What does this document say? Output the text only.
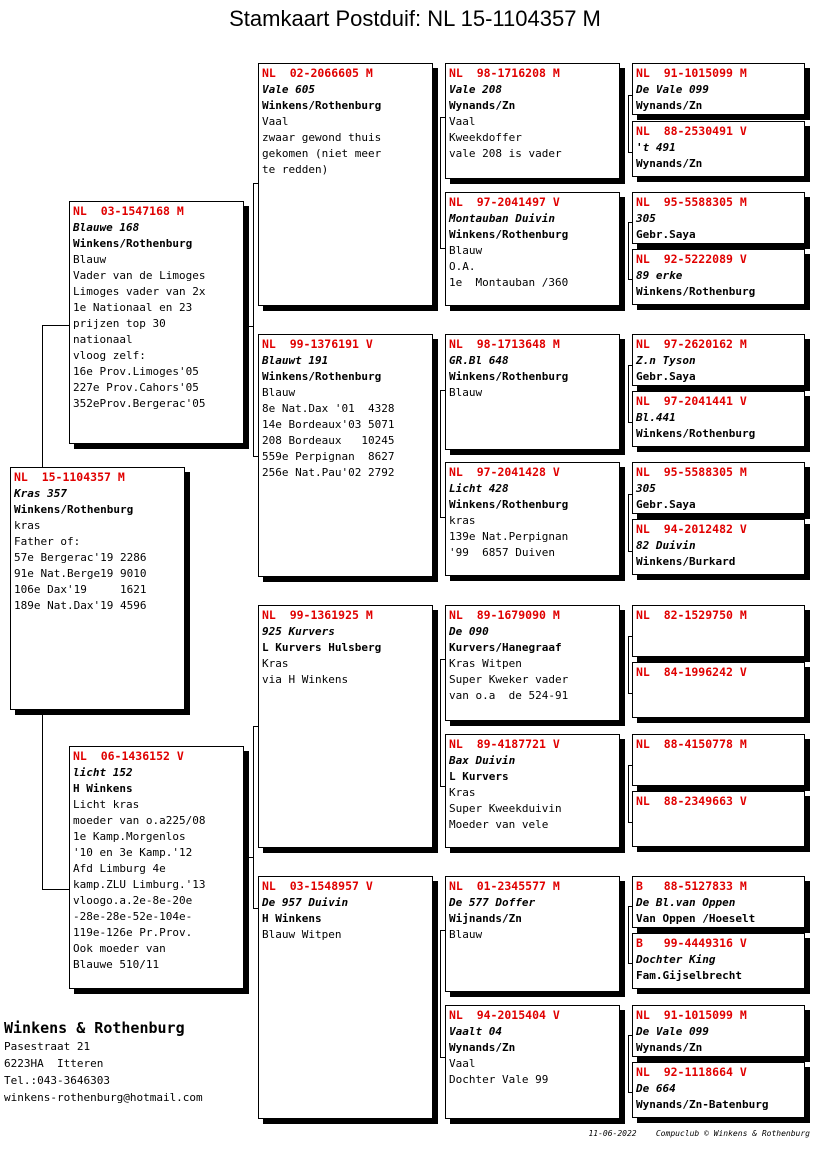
Stamkaart Postduif: NL 15-1104357 M
NL  15-1104357 M
Kras 357
Winkens/Rothenburg
kras
Father of:
57e Bergerac'19 2286
91e Nat.Berge19 9010
106e Dax'19     1621
189e Nat.Dax'19 4596
NL  03-1547168 M
Blauwe 168
Winkens/Rothenburg
Blauw
Vader van de Limoges
Limoges vader van 2x
1e Nationaal en 23
prijzen top 30
nationaal
vloog zelf:
16e Prov.Limoges'05
227e Prov.Cahors'05
352eProv.Bergerac'05
NL  06-1436152 V
licht 152
H Winkens
Licht kras
moeder van o.a225/08
1e Kamp.Morgenlos
'10 en 3e Kamp.'12
Afd Limburg 4e
kamp.ZLU Limburg.'13
vloogo.a.2e-8e-20e
-28e-28e-52e-104e-
119e-126e Pr.Prov.
Ook moeder van
Blauwe 510/11
NL  02-2066605 M
Vale 605
Winkens/Rothenburg
Vaal
zwaar gewond thuis
gekomen (niet meer
te redden)
NL  99-1376191 V
Blauwt 191
Winkens/Rothenburg
Blauw
8e Nat.Dax '01  4328
14e Bordeaux'03 5071
208 Bordeaux   10245
559e Perpignan  8627
256e Nat.Pau'02 2792
NL  99-1361925 M
925 Kurvers
L Kurvers Hulsberg
Kras
via H Winkens
NL  03-1548957 V
De 957 Duivin
H Winkens
Blauw Witpen
NL  98-1716208 M
Vale 208
Wynands/Zn
Vaal
Kweekdoffer
vale 208 is vader
NL  97-2041497 V
Montauban Duivin
Winkens/Rothenburg
Blauw
O.A.
1e  Montauban /360
NL  98-1713648 M
GR.Bl 648
Winkens/Rothenburg
Blauw
NL  97-2041428 V
Licht 428
Winkens/Rothenburg
kras
139e Nat.Perpignan
'99  6857 Duiven
NL  89-1679090 M
De 090
Kurvers/Hanegraaf
Kras Witpen
Super Kweker vader
van o.a  de 524-91
NL  89-4187721 V
Bax Duivin
L Kurvers
Kras
Super Kweekduivin
Moeder van vele
NL  01-2345577 M
De 577 Doffer
Wijnands/Zn
Blauw
NL  94-2015404 V
Vaalt 04
Wynands/Zn
Vaal
Dochter Vale 99
NL  91-1015099 M
De Vale 099
Wynands/Zn
NL  88-2530491 V
't 491
Wynands/Zn
NL  95-5588305 M
305
Gebr.Saya
NL  92-5222089 V
89 erke
Winkens/Rothenburg
NL  97-2620162 M
Z.n Tyson
Gebr.Saya
NL  97-2041441 V
Bl.441
Winkens/Rothenburg
NL  95-5588305 M
305
Gebr.Saya
NL  94-2012482 V
82 Duivin
Winkens/Burkard
NL  82-1529750 M
NL  84-1996242 V
NL  88-4150778 M
NL  88-2349663 V
B   88-5127833 M
De Bl.van Oppen
Van Oppen /Hoeselt
B   99-4449316 V
Dochter King
Fam.Gijselbrecht
NL  91-1015099 M
De Vale 099
Wynands/Zn
NL  92-1118664 V
De 664
Wynands/Zn-Batenburg
Winkens & Rothenburg
Pasestraat 21
6223HA  Itteren
Tel.:043-3646303
winkens-rothenburg@hotmail.com
11-06-2022    Compuclub © Winkens & Rothenburg
